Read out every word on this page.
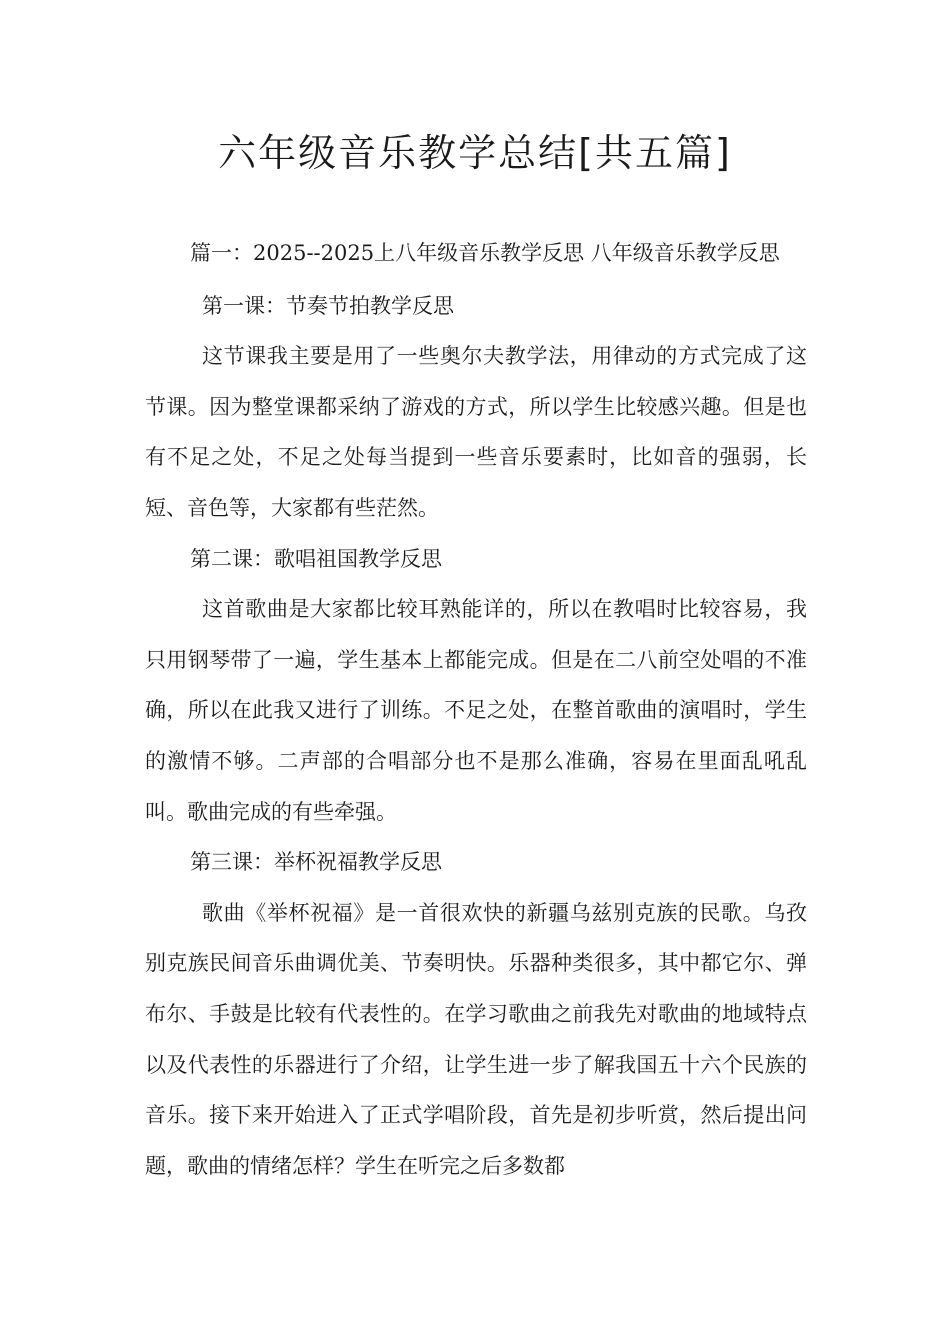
六年级音乐教学总结[共五篇]

篇一：2025--2025上八年级音乐教学反思 八年级音乐教学反思

第一课：节奏节拍教学反思

这节课我主要是用了一些奥尔夫教学法，用律动的方式完成了这节课。因为整堂课都采纳了游戏的方式，所以学生比较感兴趣。但是也有不足之处，不足之处每当提到一些音乐要素时，比如音的强弱，长短、音色等，大家都有些茫然。

第二课：歌唱祖国教学反思

这首歌曲是大家都比较耳熟能详的，所以在教唱时比较容易，我只用钢琴带了一遍，学生基本上都能完成。但是在二八前空处唱的不准确，所以在此我又进行了训练。不足之处，在整首歌曲的演唱时，学生的激情不够。二声部的合唱部分也不是那么准确，容易在里面乱吼乱叫。歌曲完成的有些牵强。

第三课：举杯祝福教学反思

歌曲《举杯祝福》是一首很欢快的新疆乌兹别克族的民歌。乌孜别克族民间音乐曲调优美、节奏明快。乐器种类很多，其中都它尔、弹布尔、手鼓是比较有代表性的。在学习歌曲之前我先对歌曲的地域特点以及代表性的乐器进行了介绍，让学生进一步了解我国五十六个民族的音乐。接下来开始进入了正式学唱阶段，首先是初步听赏，然后提出问题，歌曲的情绪怎样？学生在听完之后多数都
